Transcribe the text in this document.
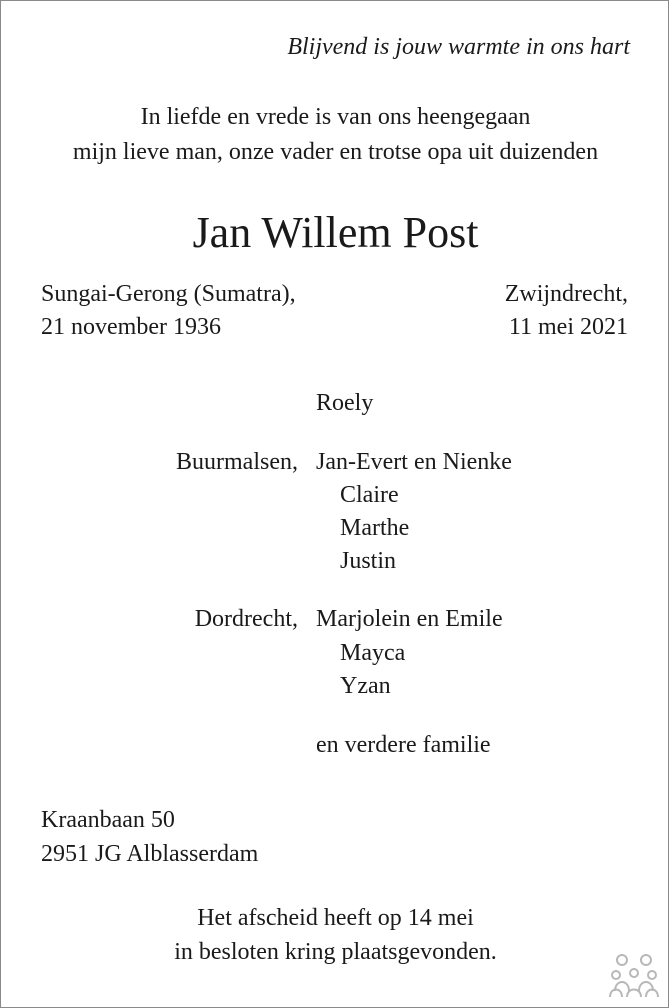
Blijvend is jouw warmte in ons hart
In liefde en vrede is van ons heengegaan
mijn lieve man, onze vader en trotse opa uit duizenden
Jan Willem Post
Sungai-Gerong (Sumatra),
21 november 1936
Zwijndrecht,
11 mei 2021
Roely
Buurmalsen, Jan-Evert en Nienke
Claire
Marthe
Justin
Dordrecht, Marjolein en Emile
Mayca
Yzan
en verdere familie
Kraanbaan 50
2951 JG Alblasserdam
Het afscheid heeft op 14 mei
in besloten kring plaatsgevonden.
